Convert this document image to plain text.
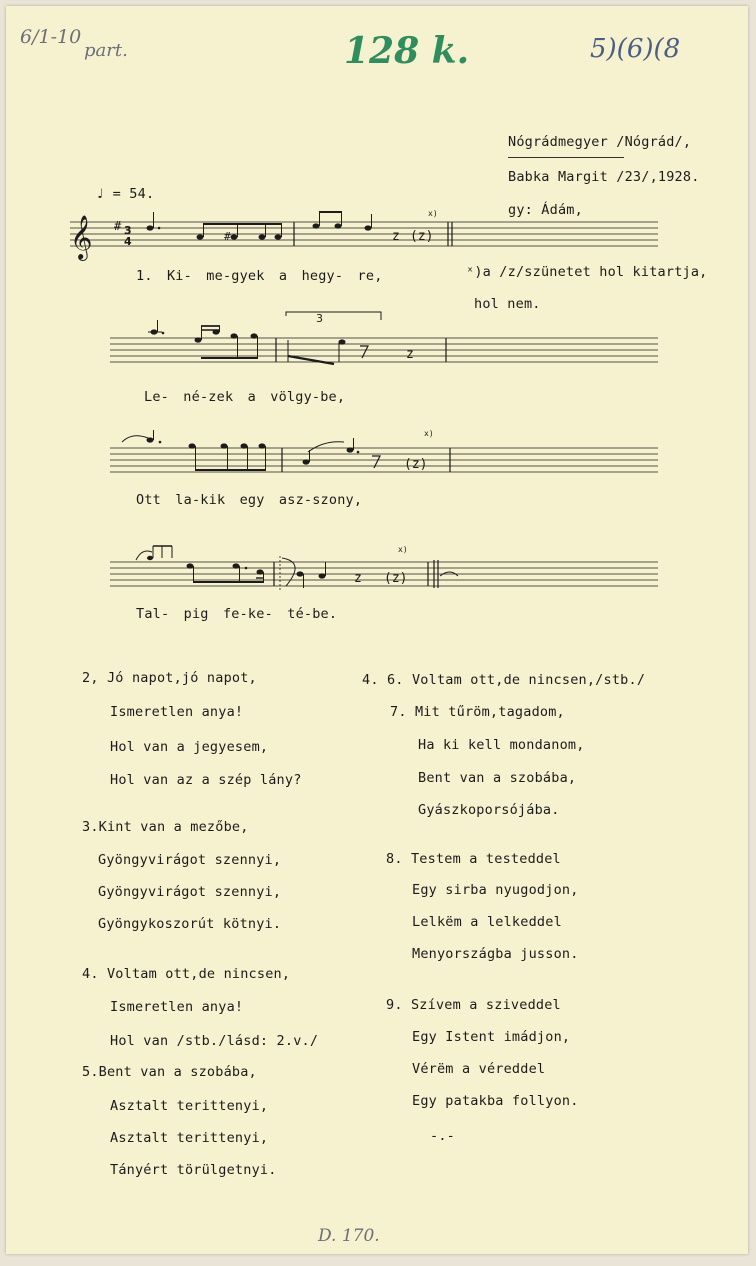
6/1-10
part.	128 k.	5)(6)(8
Nógrádmegyer /Nógrád/,
Babka Margit /23/,1928.
gy: Ádám,
♩ = 54.
ˣ)a /z/szünetet hol kitartja,
hol nem.
𝄞 # 3
4	#	z (z)
x)
1. Ki- me-gyek a hegy- re,
3
z
Le- né-zek a völgy-be,
(z)
x)
Ott la-kik egy asz-szony,
z (z)
x)
Tal- pig fe-ke- té-be.
2, Jó napot,jó napot,
Ismeretlen anya!
Hol van a jegyesem,
Hol van az a szép lány?
3.Kint van a mezőbe,
Gyöngyvirágot szennyi,
Gyöngyvirágot szennyi,
Gyöngykoszorút kötnyi.
4. Voltam ott,de nincsen,
Ismeretlen anya!
Hol van /stb./lásd: 2.v./
5.Bent van a szobába,
Asztalt terittenyi,
Asztalt terittenyi,
Tányért törülgetnyi.
4. 6. Voltam ott,de nincsen,/stb./
7. Mit tűröm,tagadom,
Ha ki kell mondanom,
Bent van a szobába,
Gyászkoporsójába.
8. Testem a testeddel
Egy sirba nyugodjon,
Lelkëm a lelkeddel
Menyországba jusson.
9. Szívem a sziveddel
Egy Istent imádjon,
Vérëm a véreddel
Egy patakba follyon.
-.-
D. 170.
